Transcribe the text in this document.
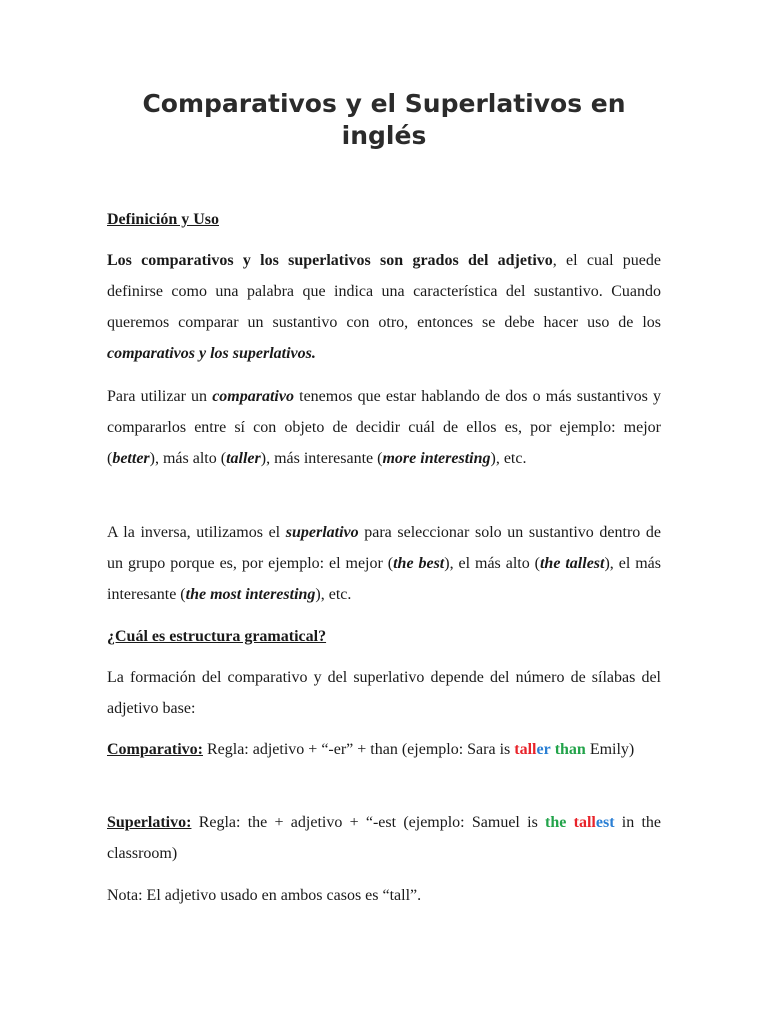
Comparativos y el Superlativos en inglés

Definición y Uso

Los comparativos y los superlativos son grados del adjetivo, el cual puede definirse como una palabra que indica una característica del sustantivo. Cuando queremos comparar un sustantivo con otro, entonces se debe hacer uso de los comparativos y los superlativos.

Para utilizar un comparativo tenemos que estar hablando de dos o más sustantivos y compararlos entre sí con objeto de decidir cuál de ellos es, por ejemplo: mejor (better), más alto (taller), más interesante (more interesting), etc.

A la inversa, utilizamos el superlativo para seleccionar solo un sustantivo dentro de un grupo porque es, por ejemplo: el mejor (the best), el más alto (the tallest), el más interesante (the most interesting), etc.

¿Cuál es estructura gramatical?

La formación del comparativo y del superlativo depende del número de sílabas del adjetivo base:

Comparativo: Regla: adjetivo + “-er” + than (ejemplo: Sara is taller than Emily)

Superlativo: Regla: the + adjetivo + “-est (ejemplo: Samuel is the tallest in the classroom)

Nota: El adjetivo usado en ambos casos es “tall”.
